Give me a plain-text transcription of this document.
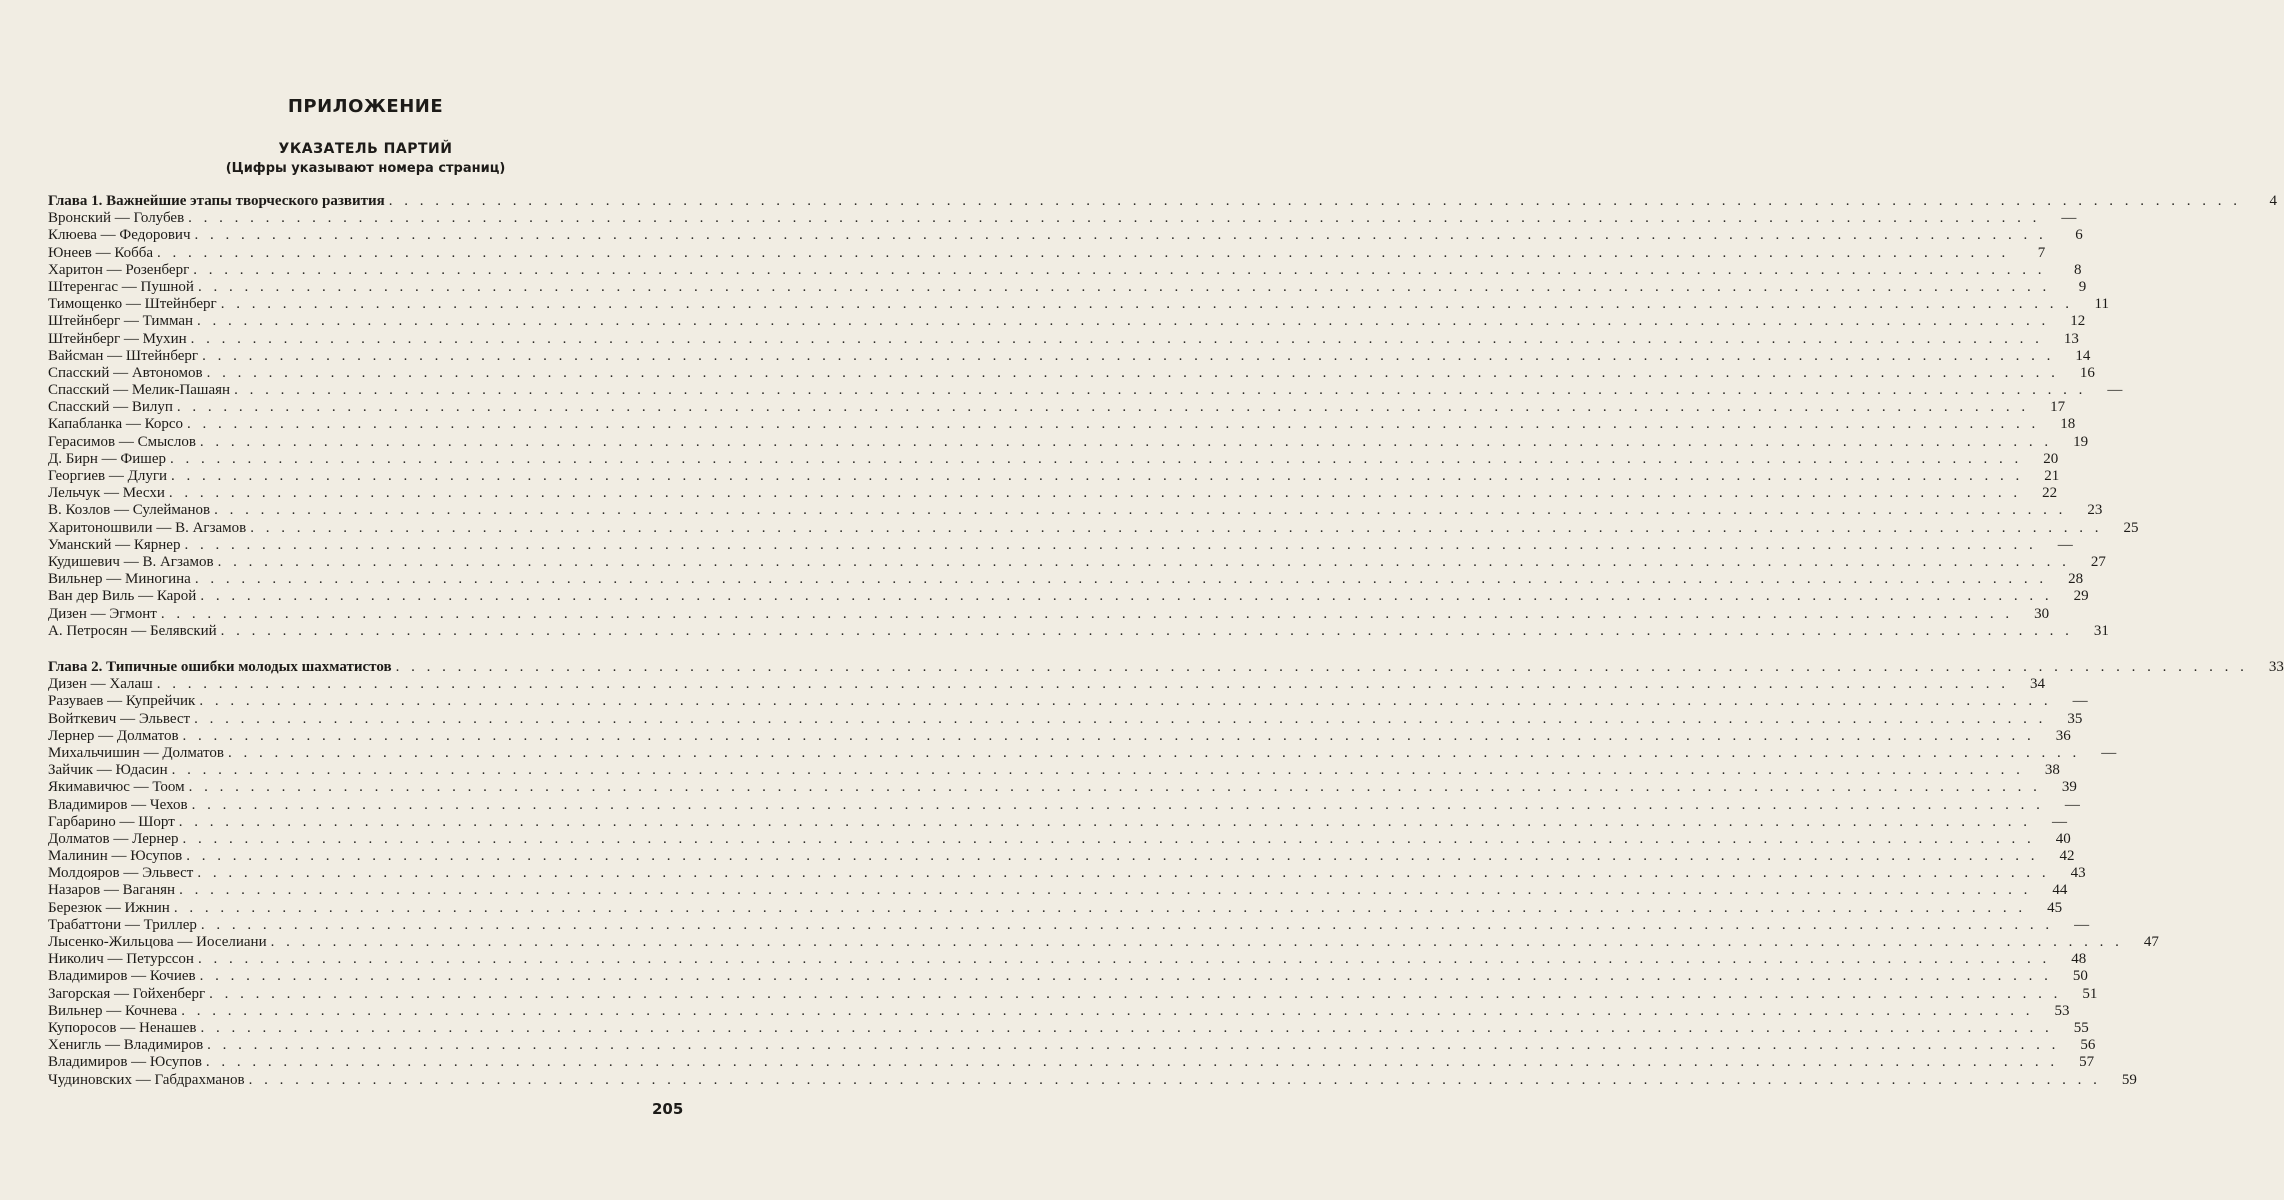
ПРИЛОЖЕНИЕ
УКАЗАТЕЛЬ ПАРТИЙ
(Цифры указывают номера страниц)
Глава 1. Важнейшие этапы творческого развития . . . . . . . . . . . . . . . . . . . . . . . . . . . . . . . . . . . . . . . . . . . . . . . . . . . . . . . . . . . . . . . . . . . . . . . . . . . . . . . . . . . . . . . . . . . . . . . . . . . . . . . . . . . . . . . . . . . . . . . .	4
Вронский — Голубев . . . . . . . . . . . . . . . . . . . . . . . . . . . . . . . . . . . . . . . . . . . . . . . . . . . . . . . . . . . . . . . . . . . . . . . . . . . . . . . . . . . . . . . . . . . . . . . . . . . . . . . . . . . . . . . . . . . . . . . .	—
Клюева — Федорович . . . . . . . . . . . . . . . . . . . . . . . . . . . . . . . . . . . . . . . . . . . . . . . . . . . . . . . . . . . . . . . . . . . . . . . . . . . . . . . . . . . . . . . . . . . . . . . . . . . . . . . . . . . . . . . . . . . . . . . .	6
Юнеев — Кобба . . . . . . . . . . . . . . . . . . . . . . . . . . . . . . . . . . . . . . . . . . . . . . . . . . . . . . . . . . . . . . . . . . . . . . . . . . . . . . . . . . . . . . . . . . . . . . . . . . . . . . . . . . . . . . . . . . . . . . . .	7
Харитон — Розенберг . . . . . . . . . . . . . . . . . . . . . . . . . . . . . . . . . . . . . . . . . . . . . . . . . . . . . . . . . . . . . . . . . . . . . . . . . . . . . . . . . . . . . . . . . . . . . . . . . . . . . . . . . . . . . . . . . . . . . . . .	8
Штеренгас — Пушной . . . . . . . . . . . . . . . . . . . . . . . . . . . . . . . . . . . . . . . . . . . . . . . . . . . . . . . . . . . . . . . . . . . . . . . . . . . . . . . . . . . . . . . . . . . . . . . . . . . . . . . . . . . . . . . . . . . . . . . .	9
Тимощенко — Штейнберг . . . . . . . . . . . . . . . . . . . . . . . . . . . . . . . . . . . . . . . . . . . . . . . . . . . . . . . . . . . . . . . . . . . . . . . . . . . . . . . . . . . . . . . . . . . . . . . . . . . . . . . . . . . . . . . . . . . . . . . .	11
Штейнберг — Тимман . . . . . . . . . . . . . . . . . . . . . . . . . . . . . . . . . . . . . . . . . . . . . . . . . . . . . . . . . . . . . . . . . . . . . . . . . . . . . . . . . . . . . . . . . . . . . . . . . . . . . . . . . . . . . . . . . . . . . . . .	12
Штейнберг — Мухин . . . . . . . . . . . . . . . . . . . . . . . . . . . . . . . . . . . . . . . . . . . . . . . . . . . . . . . . . . . . . . . . . . . . . . . . . . . . . . . . . . . . . . . . . . . . . . . . . . . . . . . . . . . . . . . . . . . . . . . .	13
Вайсман — Штейнберг . . . . . . . . . . . . . . . . . . . . . . . . . . . . . . . . . . . . . . . . . . . . . . . . . . . . . . . . . . . . . . . . . . . . . . . . . . . . . . . . . . . . . . . . . . . . . . . . . . . . . . . . . . . . . . . . . . . . . . . .	14
Спасский — Автономов . . . . . . . . . . . . . . . . . . . . . . . . . . . . . . . . . . . . . . . . . . . . . . . . . . . . . . . . . . . . . . . . . . . . . . . . . . . . . . . . . . . . . . . . . . . . . . . . . . . . . . . . . . . . . . . . . . . . . . . .	16
Спасский — Мелик-Пашаян . . . . . . . . . . . . . . . . . . . . . . . . . . . . . . . . . . . . . . . . . . . . . . . . . . . . . . . . . . . . . . . . . . . . . . . . . . . . . . . . . . . . . . . . . . . . . . . . . . . . . . . . . . . . . . . . . . . . . . . .	—
Спасский — Вилуп . . . . . . . . . . . . . . . . . . . . . . . . . . . . . . . . . . . . . . . . . . . . . . . . . . . . . . . . . . . . . . . . . . . . . . . . . . . . . . . . . . . . . . . . . . . . . . . . . . . . . . . . . . . . . . . . . . . . . . . .	17
Капабланка — Корсо . . . . . . . . . . . . . . . . . . . . . . . . . . . . . . . . . . . . . . . . . . . . . . . . . . . . . . . . . . . . . . . . . . . . . . . . . . . . . . . . . . . . . . . . . . . . . . . . . . . . . . . . . . . . . . . . . . . . . . . .	18
Герасимов — Смыслов . . . . . . . . . . . . . . . . . . . . . . . . . . . . . . . . . . . . . . . . . . . . . . . . . . . . . . . . . . . . . . . . . . . . . . . . . . . . . . . . . . . . . . . . . . . . . . . . . . . . . . . . . . . . . . . . . . . . . . . .	19
Д. Бирн — Фишер . . . . . . . . . . . . . . . . . . . . . . . . . . . . . . . . . . . . . . . . . . . . . . . . . . . . . . . . . . . . . . . . . . . . . . . . . . . . . . . . . . . . . . . . . . . . . . . . . . . . . . . . . . . . . . . . . . . . . . . .	20
Георгиев — Длуги . . . . . . . . . . . . . . . . . . . . . . . . . . . . . . . . . . . . . . . . . . . . . . . . . . . . . . . . . . . . . . . . . . . . . . . . . . . . . . . . . . . . . . . . . . . . . . . . . . . . . . . . . . . . . . . . . . . . . . . .	21
Лельчук — Месхи . . . . . . . . . . . . . . . . . . . . . . . . . . . . . . . . . . . . . . . . . . . . . . . . . . . . . . . . . . . . . . . . . . . . . . . . . . . . . . . . . . . . . . . . . . . . . . . . . . . . . . . . . . . . . . . . . . . . . . . .	22
В. Козлов — Сулейманов . . . . . . . . . . . . . . . . . . . . . . . . . . . . . . . . . . . . . . . . . . . . . . . . . . . . . . . . . . . . . . . . . . . . . . . . . . . . . . . . . . . . . . . . . . . . . . . . . . . . . . . . . . . . . . . . . . . . . . . .	23
Харитоношвили — В. Агзамов . . . . . . . . . . . . . . . . . . . . . . . . . . . . . . . . . . . . . . . . . . . . . . . . . . . . . . . . . . . . . . . . . . . . . . . . . . . . . . . . . . . . . . . . . . . . . . . . . . . . . . . . . . . . . . . . . . . . . . . .	25
Уманский — Кярнер . . . . . . . . . . . . . . . . . . . . . . . . . . . . . . . . . . . . . . . . . . . . . . . . . . . . . . . . . . . . . . . . . . . . . . . . . . . . . . . . . . . . . . . . . . . . . . . . . . . . . . . . . . . . . . . . . . . . . . . .	—
Кудишевич — В. Агзамов . . . . . . . . . . . . . . . . . . . . . . . . . . . . . . . . . . . . . . . . . . . . . . . . . . . . . . . . . . . . . . . . . . . . . . . . . . . . . . . . . . . . . . . . . . . . . . . . . . . . . . . . . . . . . . . . . . . . . . . .	27
Вильнер — Миногина . . . . . . . . . . . . . . . . . . . . . . . . . . . . . . . . . . . . . . . . . . . . . . . . . . . . . . . . . . . . . . . . . . . . . . . . . . . . . . . . . . . . . . . . . . . . . . . . . . . . . . . . . . . . . . . . . . . . . . . .	28
Ван дер Виль — Карой . . . . . . . . . . . . . . . . . . . . . . . . . . . . . . . . . . . . . . . . . . . . . . . . . . . . . . . . . . . . . . . . . . . . . . . . . . . . . . . . . . . . . . . . . . . . . . . . . . . . . . . . . . . . . . . . . . . . . . . .	29
Дизен — Эгмонт . . . . . . . . . . . . . . . . . . . . . . . . . . . . . . . . . . . . . . . . . . . . . . . . . . . . . . . . . . . . . . . . . . . . . . . . . . . . . . . . . . . . . . . . . . . . . . . . . . . . . . . . . . . . . . . . . . . . . . . .	30
А. Петросян — Белявский . . . . . . . . . . . . . . . . . . . . . . . . . . . . . . . . . . . . . . . . . . . . . . . . . . . . . . . . . . . . . . . . . . . . . . . . . . . . . . . . . . . . . . . . . . . . . . . . . . . . . . . . . . . . . . . . . . . . . . . .	31
Глава 2. Типичные ошибки молодых шахматистов . . . . . . . . . . . . . . . . . . . . . . . . . . . . . . . . . . . . . . . . . . . . . . . . . . . . . . . . . . . . . . . . . . . . . . . . . . . . . . . . . . . . . . . . . . . . . . . . . . . . . . . . . . . . . . . . . . . . . . . .	33
Дизен — Халаш . . . . . . . . . . . . . . . . . . . . . . . . . . . . . . . . . . . . . . . . . . . . . . . . . . . . . . . . . . . . . . . . . . . . . . . . . . . . . . . . . . . . . . . . . . . . . . . . . . . . . . . . . . . . . . . . . . . . . . . .	34
Разуваев — Купрейчик . . . . . . . . . . . . . . . . . . . . . . . . . . . . . . . . . . . . . . . . . . . . . . . . . . . . . . . . . . . . . . . . . . . . . . . . . . . . . . . . . . . . . . . . . . . . . . . . . . . . . . . . . . . . . . . . . . . . . . . .	—
Войткевич — Эльвест . . . . . . . . . . . . . . . . . . . . . . . . . . . . . . . . . . . . . . . . . . . . . . . . . . . . . . . . . . . . . . . . . . . . . . . . . . . . . . . . . . . . . . . . . . . . . . . . . . . . . . . . . . . . . . . . . . . . . . . .	35
Лернер — Долматов . . . . . . . . . . . . . . . . . . . . . . . . . . . . . . . . . . . . . . . . . . . . . . . . . . . . . . . . . . . . . . . . . . . . . . . . . . . . . . . . . . . . . . . . . . . . . . . . . . . . . . . . . . . . . . . . . . . . . . . .	36
Михальчишин — Долматов . . . . . . . . . . . . . . . . . . . . . . . . . . . . . . . . . . . . . . . . . . . . . . . . . . . . . . . . . . . . . . . . . . . . . . . . . . . . . . . . . . . . . . . . . . . . . . . . . . . . . . . . . . . . . . . . . . . . . . . .	—
Зайчик — Юдасин . . . . . . . . . . . . . . . . . . . . . . . . . . . . . . . . . . . . . . . . . . . . . . . . . . . . . . . . . . . . . . . . . . . . . . . . . . . . . . . . . . . . . . . . . . . . . . . . . . . . . . . . . . . . . . . . . . . . . . . .	38
Якимавичюс — Тоом . . . . . . . . . . . . . . . . . . . . . . . . . . . . . . . . . . . . . . . . . . . . . . . . . . . . . . . . . . . . . . . . . . . . . . . . . . . . . . . . . . . . . . . . . . . . . . . . . . . . . . . . . . . . . . . . . . . . . . . .	39
Владимиров — Чехов . . . . . . . . . . . . . . . . . . . . . . . . . . . . . . . . . . . . . . . . . . . . . . . . . . . . . . . . . . . . . . . . . . . . . . . . . . . . . . . . . . . . . . . . . . . . . . . . . . . . . . . . . . . . . . . . . . . . . . . .	—
Гарбарино — Шорт . . . . . . . . . . . . . . . . . . . . . . . . . . . . . . . . . . . . . . . . . . . . . . . . . . . . . . . . . . . . . . . . . . . . . . . . . . . . . . . . . . . . . . . . . . . . . . . . . . . . . . . . . . . . . . . . . . . . . . . .	—
Долматов — Лернер . . . . . . . . . . . . . . . . . . . . . . . . . . . . . . . . . . . . . . . . . . . . . . . . . . . . . . . . . . . . . . . . . . . . . . . . . . . . . . . . . . . . . . . . . . . . . . . . . . . . . . . . . . . . . . . . . . . . . . . .	40
Малинин — Юсупов . . . . . . . . . . . . . . . . . . . . . . . . . . . . . . . . . . . . . . . . . . . . . . . . . . . . . . . . . . . . . . . . . . . . . . . . . . . . . . . . . . . . . . . . . . . . . . . . . . . . . . . . . . . . . . . . . . . . . . . .	42
Молдояров — Эльвест . . . . . . . . . . . . . . . . . . . . . . . . . . . . . . . . . . . . . . . . . . . . . . . . . . . . . . . . . . . . . . . . . . . . . . . . . . . . . . . . . . . . . . . . . . . . . . . . . . . . . . . . . . . . . . . . . . . . . . . .	43
Назаров — Ваганян . . . . . . . . . . . . . . . . . . . . . . . . . . . . . . . . . . . . . . . . . . . . . . . . . . . . . . . . . . . . . . . . . . . . . . . . . . . . . . . . . . . . . . . . . . . . . . . . . . . . . . . . . . . . . . . . . . . . . . . .	44
Березюк — Ижнин . . . . . . . . . . . . . . . . . . . . . . . . . . . . . . . . . . . . . . . . . . . . . . . . . . . . . . . . . . . . . . . . . . . . . . . . . . . . . . . . . . . . . . . . . . . . . . . . . . . . . . . . . . . . . . . . . . . . . . . .	45
Трабаттони — Триллер . . . . . . . . . . . . . . . . . . . . . . . . . . . . . . . . . . . . . . . . . . . . . . . . . . . . . . . . . . . . . . . . . . . . . . . . . . . . . . . . . . . . . . . . . . . . . . . . . . . . . . . . . . . . . . . . . . . . . . . .	—
Лысенко-Жильцова — Иоселиани . . . . . . . . . . . . . . . . . . . . . . . . . . . . . . . . . . . . . . . . . . . . . . . . . . . . . . . . . . . . . . . . . . . . . . . . . . . . . . . . . . . . . . . . . . . . . . . . . . . . . . . . . . . . . . . . . . . . . . . .	47
Николич — Петурссон . . . . . . . . . . . . . . . . . . . . . . . . . . . . . . . . . . . . . . . . . . . . . . . . . . . . . . . . . . . . . . . . . . . . . . . . . . . . . . . . . . . . . . . . . . . . . . . . . . . . . . . . . . . . . . . . . . . . . . . .	48
Владимиров — Кочиев . . . . . . . . . . . . . . . . . . . . . . . . . . . . . . . . . . . . . . . . . . . . . . . . . . . . . . . . . . . . . . . . . . . . . . . . . . . . . . . . . . . . . . . . . . . . . . . . . . . . . . . . . . . . . . . . . . . . . . . .	50
Загорская — Гойхенберг . . . . . . . . . . . . . . . . . . . . . . . . . . . . . . . . . . . . . . . . . . . . . . . . . . . . . . . . . . . . . . . . . . . . . . . . . . . . . . . . . . . . . . . . . . . . . . . . . . . . . . . . . . . . . . . . . . . . . . . .	51
Вильнер — Кочнева . . . . . . . . . . . . . . . . . . . . . . . . . . . . . . . . . . . . . . . . . . . . . . . . . . . . . . . . . . . . . . . . . . . . . . . . . . . . . . . . . . . . . . . . . . . . . . . . . . . . . . . . . . . . . . . . . . . . . . . .	53
Купоросов — Ненашев . . . . . . . . . . . . . . . . . . . . . . . . . . . . . . . . . . . . . . . . . . . . . . . . . . . . . . . . . . . . . . . . . . . . . . . . . . . . . . . . . . . . . . . . . . . . . . . . . . . . . . . . . . . . . . . . . . . . . . . .	55
Хенигль — Владимиров . . . . . . . . . . . . . . . . . . . . . . . . . . . . . . . . . . . . . . . . . . . . . . . . . . . . . . . . . . . . . . . . . . . . . . . . . . . . . . . . . . . . . . . . . . . . . . . . . . . . . . . . . . . . . . . . . . . . . . . .	56
Владимиров — Юсупов . . . . . . . . . . . . . . . . . . . . . . . . . . . . . . . . . . . . . . . . . . . . . . . . . . . . . . . . . . . . . . . . . . . . . . . . . . . . . . . . . . . . . . . . . . . . . . . . . . . . . . . . . . . . . . . . . . . . . . . .	57
Чудиновских — Габдрахманов . . . . . . . . . . . . . . . . . . . . . . . . . . . . . . . . . . . . . . . . . . . . . . . . . . . . . . . . . . . . . . . . . . . . . . . . . . . . . . . . . . . . . . . . . . . . . . . . . . . . . . . . . . . . . . . . . . . . . . . .	59
205
